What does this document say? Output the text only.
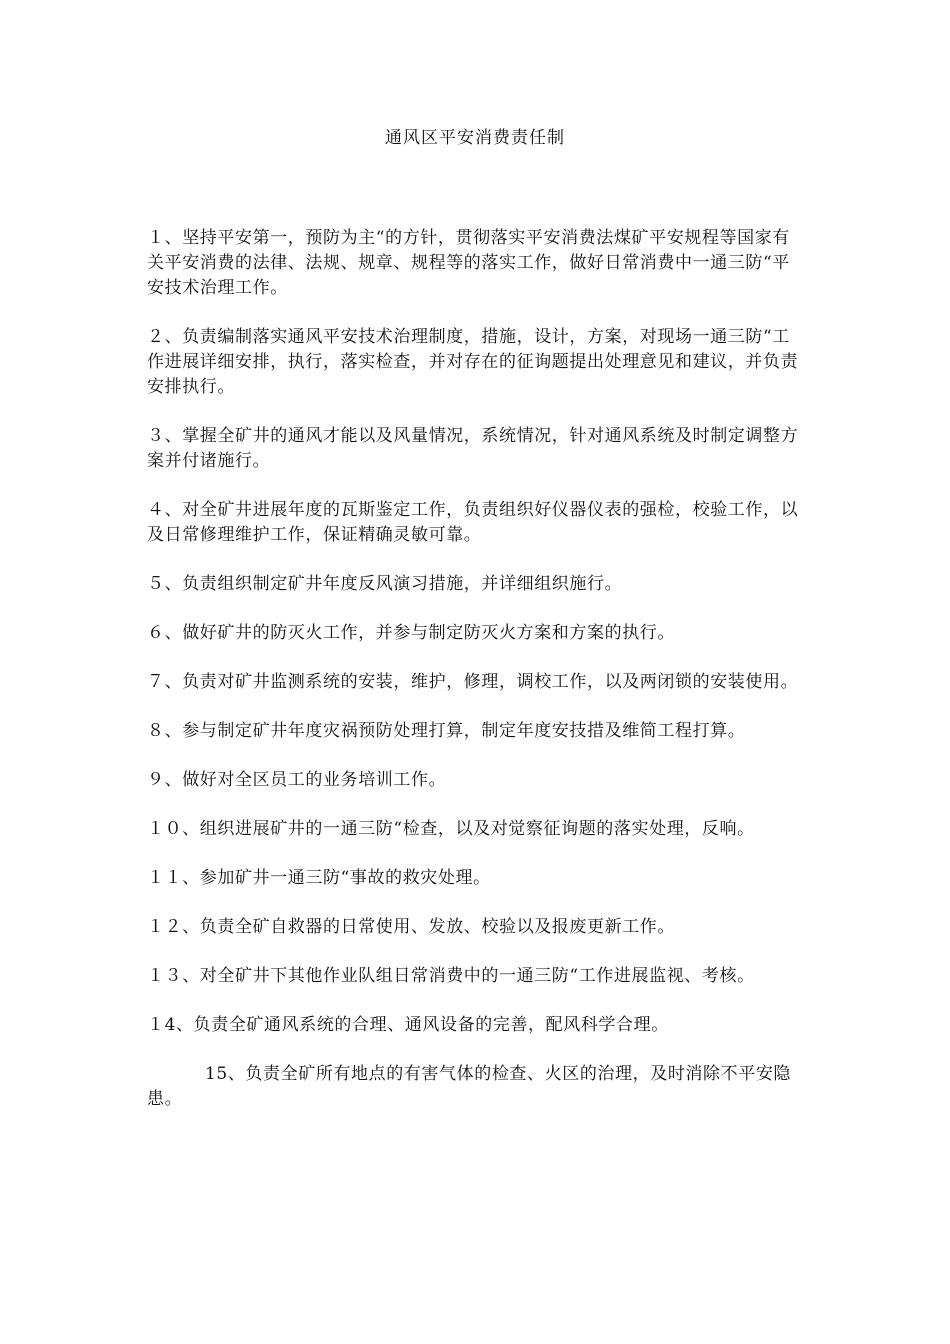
通风区平安消费责任制

１、坚持平安第一，预防为主“的方针，贯彻落实平安消费法煤矿平安规程等国家有关平安消费的法律、法规、规章、规程等的落实工作，做好日常消费中一通三防“平安技术治理工作。

２、负责编制落实通风平安技术治理制度，措施，设计，方案，对现场一通三防“工作进展详细安排，执行，落实检查，并对存在的征询题提出处理意见和建议，并负责安排执行。

３、掌握全矿井的通风才能以及风量情况，系统情况，针对通风系统及时制定调整方案并付诸施行。

４、对全矿井进展年度的瓦斯鉴定工作，负责组织好仪器仪表的强检，校验工作，以及日常修理维护工作，保证精确灵敏可靠。

５、负责组织制定矿井年度反风演习措施，并详细组织施行。

６、做好矿井的防灭火工作，并参与制定防灭火方案和方案的执行。

７、负责对矿井监测系统的安装，维护，修理，调校工作，以及两闭锁的安装使用。

８、参与制定矿井年度灾祸预防处理打算，制定年度安技措及维简工程打算。

９、做好对全区员工的业务培训工作。

１０、组织进展矿井的一通三防“检查，以及对觉察征询题的落实处理，反响。

１１、参加矿井一通三防“事故的救灾处理。

１２、负责全矿自救器的日常使用、发放、校验以及报废更新工作。

１３、对全矿井下其他作业队组日常消费中的一通三防“工作进展监视、考核。

１4、负责全矿通风系统的合理、通风设备的完善，配风科学合理。

15、负责全矿所有地点的有害气体的检查、火区的治理，及时消除不平安隐患。
